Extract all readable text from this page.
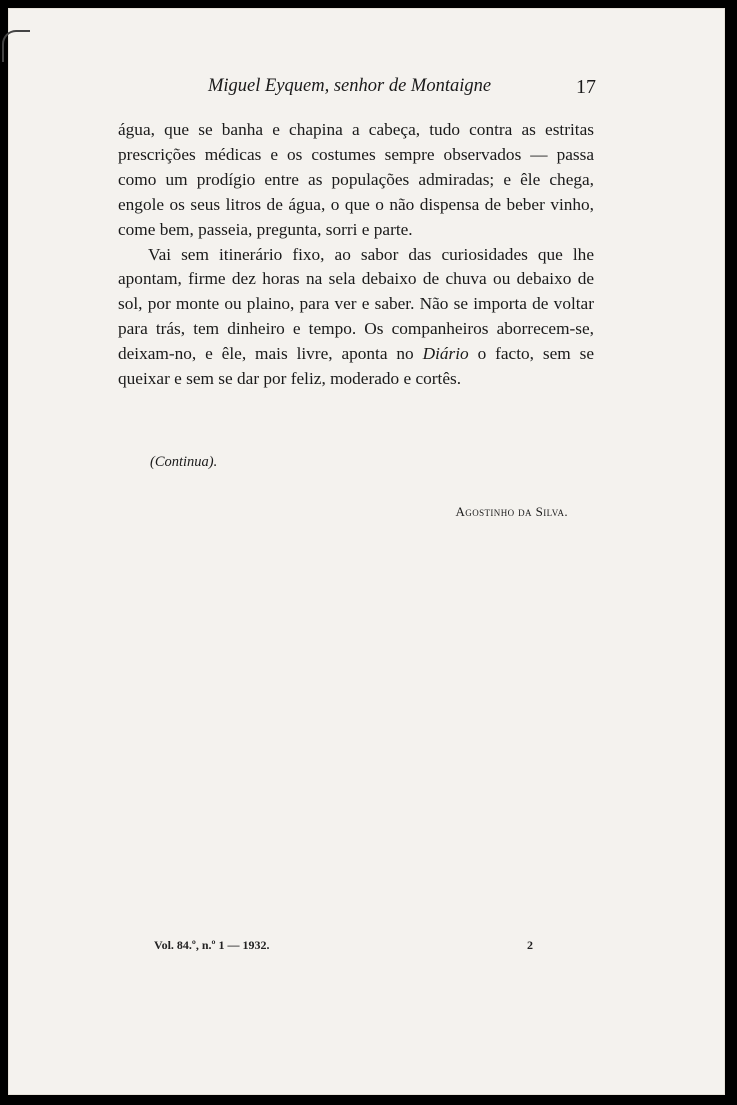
Miguel Eyquem, senhor de Montaigne	17

água, que se banha e chapina a cabeça, tudo contra as estritas prescrições médicas e os costumes sempre observados — passa como um prodígio entre as populações admiradas; e êle chega, engole os seus litros de água, o que o não dispensa de beber vinho, come bem, passeia, pregunta, sorri e parte.

Vai sem itinerário fixo, ao sabor das curiosidades que lhe apontam, firme dez horas na sela debaixo de chuva ou debaixo de sol, por monte ou plaino, para ver e saber. Não se importa de voltar para trás, tem dinheiro e tempo. Os companheiros aborrecem-se, deixam-no, e êle, mais livre, aponta no Diário o facto, sem se queixar e sem se dar por feliz, moderado e cortês.

(Continua).
Agostinho da Silva.
Vol. 84.º, n.º 1 — 1932.	2
